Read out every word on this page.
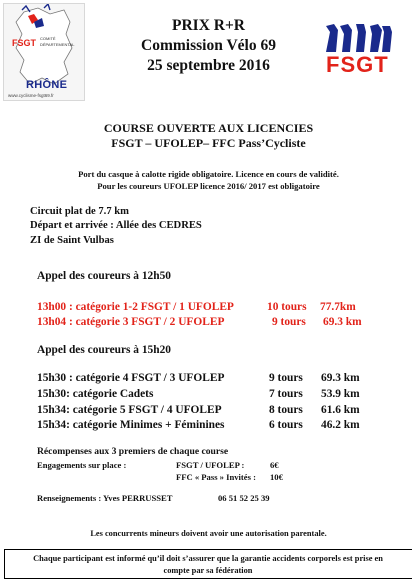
FSGT COMITÉ
DÉPARTEMENTAL
RHÔNE
www.cyclisme-fsgt69.fr
PRIX R+R
Commission Vélo 69
25 septembre 2016	FSGT
COURSE OUVERTE AUX LICENCIES
FSGT – UFOLEP– FFC Pass’Cycliste
Port du casque à calotte rigide obligatoire. Licence en cours de validité.
Pour les coureurs UFOLEP licence 2016/ 2017 est obligatoire
Circuit plat de 7.7 km
Départ et arrivée : Allée des CEDRES
ZI de Saint Vulbas
Appel des coureurs à 12h50
13h00 : catégorie 1-2 FSGT / 1 UFOLEP	10 tours 77.7km
13h04 : catégorie 3 FSGT / 2 UFOLEP	9 tours 69.3 km
Appel des coureurs à 15h20
15h30 : catégorie 4 FSGT / 3 UFOLEP	9 tours 69.3 km
15h30: catégorie Cadets	7 tours 53.9 km
15h34: catégorie 5 FSGT / 4 UFOLEP	8 tours 61.6 km
15h34: catégorie Minimes + Féminines	6 tours 46.2 km
Récompenses aux 3 premiers de chaque course
Engagements sur place :	FSGT / UFOLEP :	6€
FFC « Pass » Invités : 10€
Renseignements : Yves PERRUSSET	06 51 52 25 39
Les concurrents mineurs doivent avoir une autorisation parentale.
Chaque participant est informé qu’il doit s’assurer que la garantie accidents corporels est prise en
compte par sa fédération
